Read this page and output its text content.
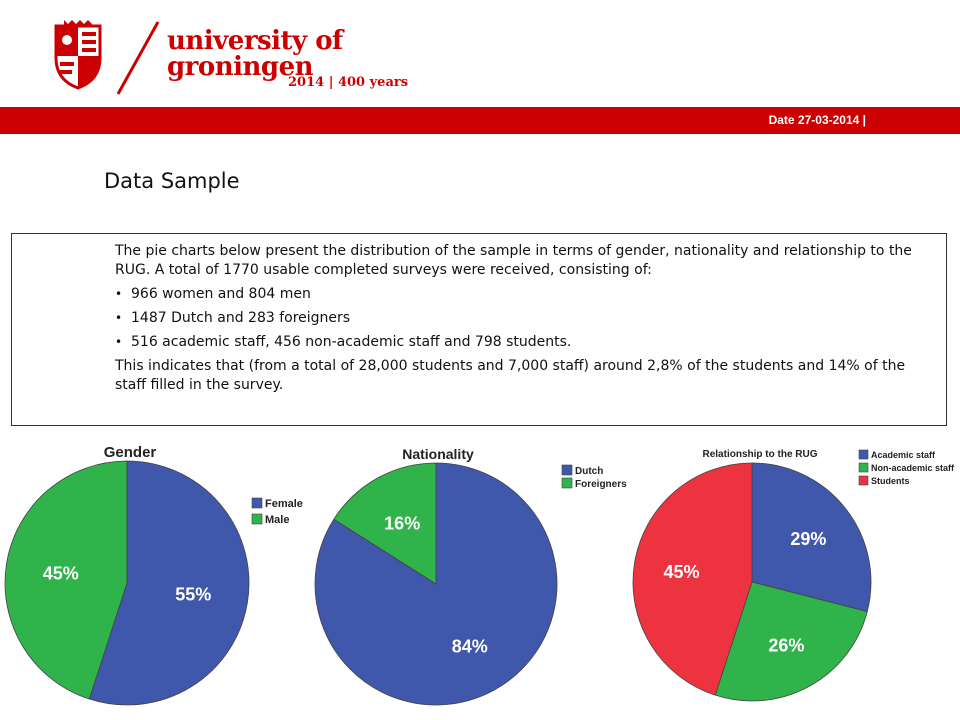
university of
groningen
2014 | 400 years
Date 27-03-2014 |
Data Sample

The pie charts below present the distribution of the sample in terms of gender, nationality and relationship to the RUG. A total of 1770 usable completed surveys were received, consisting of:

• 966 women and 804 men
• 1487 Dutch and 283 foreigners
• 516 academic staff, 456 non-academic staff and 798 students.

This indicates that (from a total of 28,000 students and 7,000 staff) around 2,8% of the students and 14% of the staff filled in the survey.

Gender
55%
45%
Female
Male
Nationality
84%
16%
Dutch
Foreigners
Relationship to the RUG
29%
26%
45%
Academic staff
Non-academic staff
Students
